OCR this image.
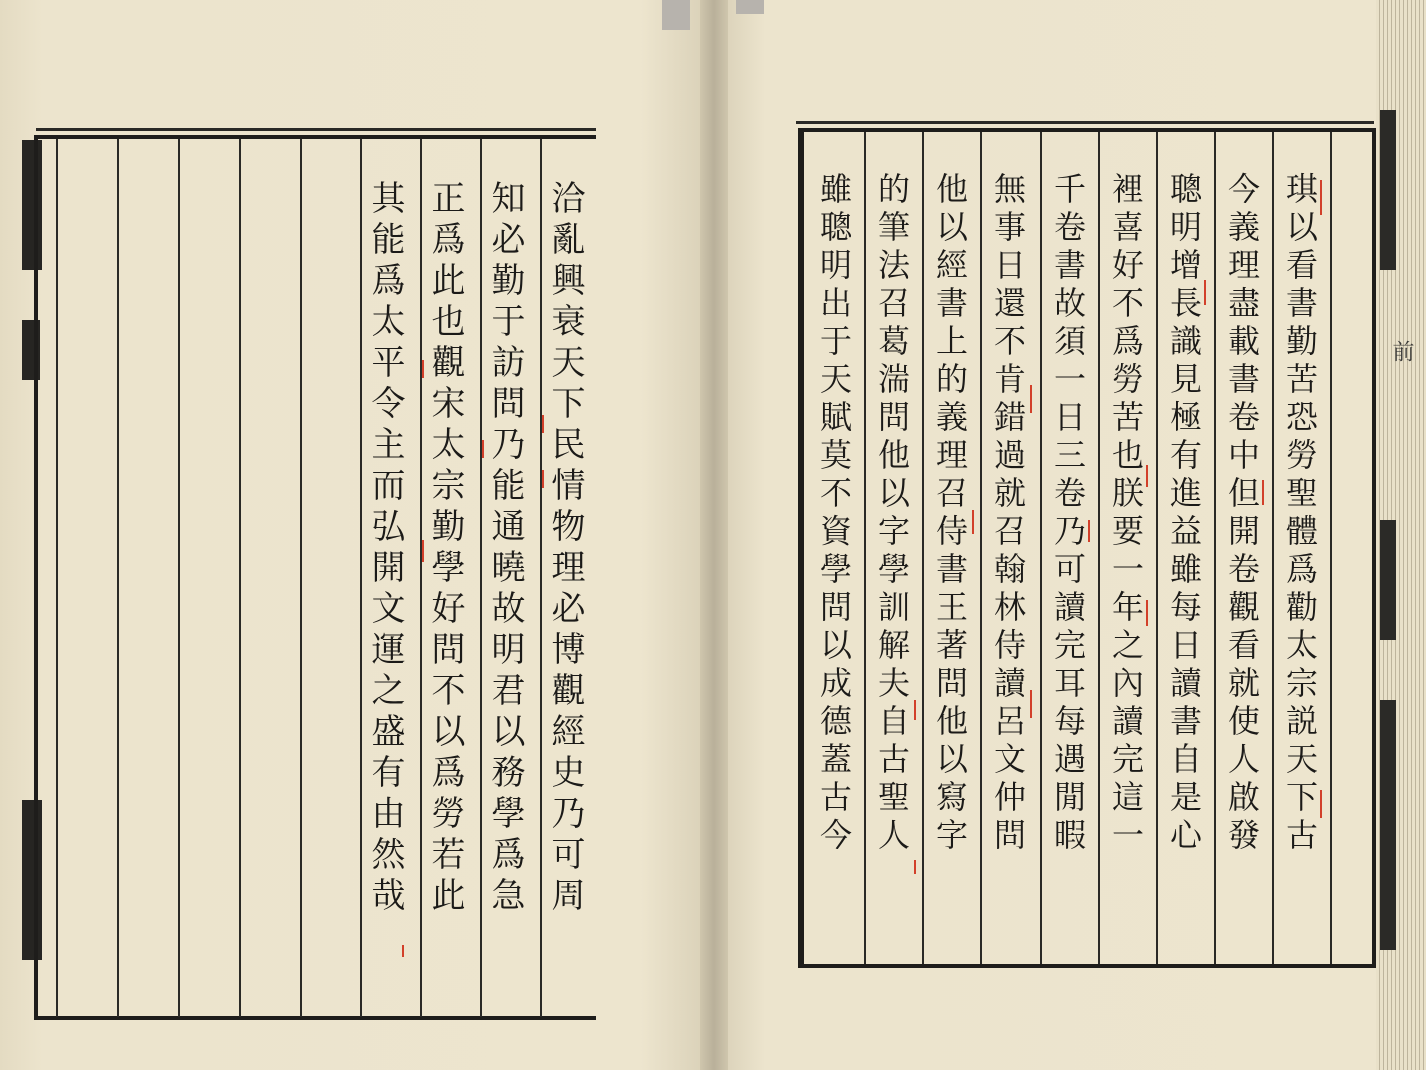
前
洽亂興衰天下民情物理必博觀經史乃可周
知必勤于訪問乃能通曉故明君以務學爲急
正爲此也觀宋太宗勤學好問不以爲勞若此
其能爲太平令主而弘開文運之盛有由然哉	琪以看書勤苦恐勞聖體爲勸太宗説天下古
今義理盡載書卷中但開卷觀看就使人啟發
聰明增長識見極有進益雖每日讀書自是心
裡喜好不爲勞苦也朕要一年之內讀完這一
千卷書故須一日三卷乃可讀完耳每遇閒暇
無事日還不肯錯過就召翰林侍讀呂文仲問
他以經書上的義理召侍書王著問他以寫字
的筆法召葛湍問他以字學訓解夫自古聖人
雖聰明出于天賦莫不資學問以成德蓋古今
